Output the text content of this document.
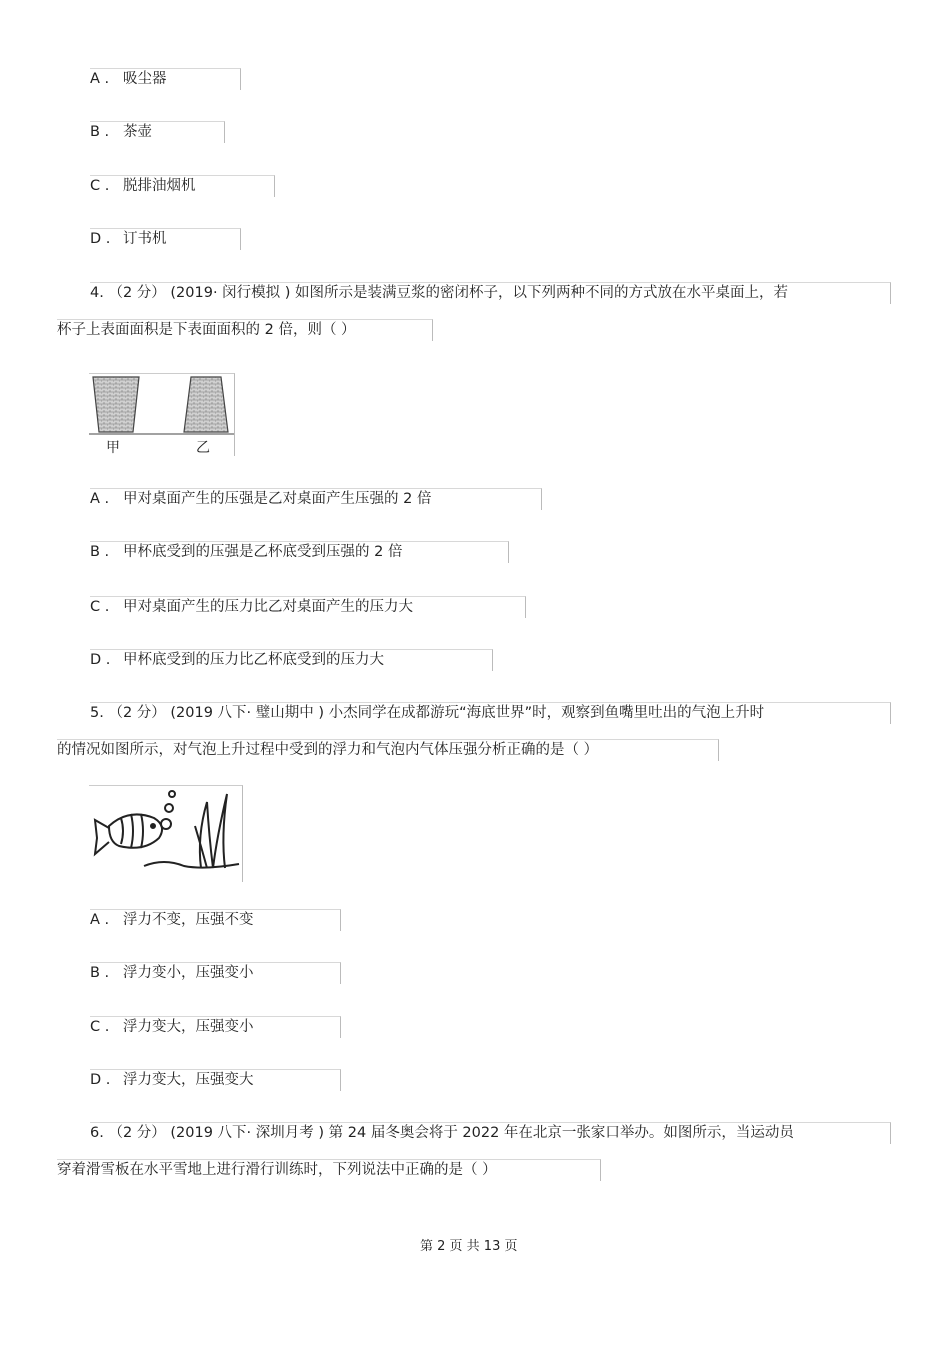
A . 吸尘器
B . 茶壶
C . 脱排油烟机
D . 订书机
4. （2 分） (2019· 闵行模拟 ) 如图所示是装满豆浆的密闭杯子，以下列两种不同的方式放在水平桌面上，若
杯子上表面面积是下表面面积的 2 倍，则（ ）
甲	乙
A . 甲对桌面产生的压强是乙对桌面产生压强的 2 倍
B . 甲杯底受到的压强是乙杯底受到压强的 2 倍
C . 甲对桌面产生的压力比乙对桌面产生的压力大
D . 甲杯底受到的压力比乙杯底受到的压力大
5. （2 分） (2019 八下· 璧山期中 ) 小杰同学在成都游玩“海底世界”时，观察到鱼嘴里吐出的气泡上升时
的情况如图所示，对气泡上升过程中受到的浮力和气泡内气体压强分析正确的是（ ）
A . 浮力不变，压强不变
B . 浮力变小，压强变小
C . 浮力变大，压强变小
D . 浮力变大，压强变大
6. （2 分） (2019 八下· 深圳月考 ) 第 24 届冬奥会将于 2022 年在北京一张家口举办。如图所示，当运动员
穿着滑雪板在水平雪地上进行滑行训练时，下列说法中正确的是（ ）
第 2 页 共 13 页
